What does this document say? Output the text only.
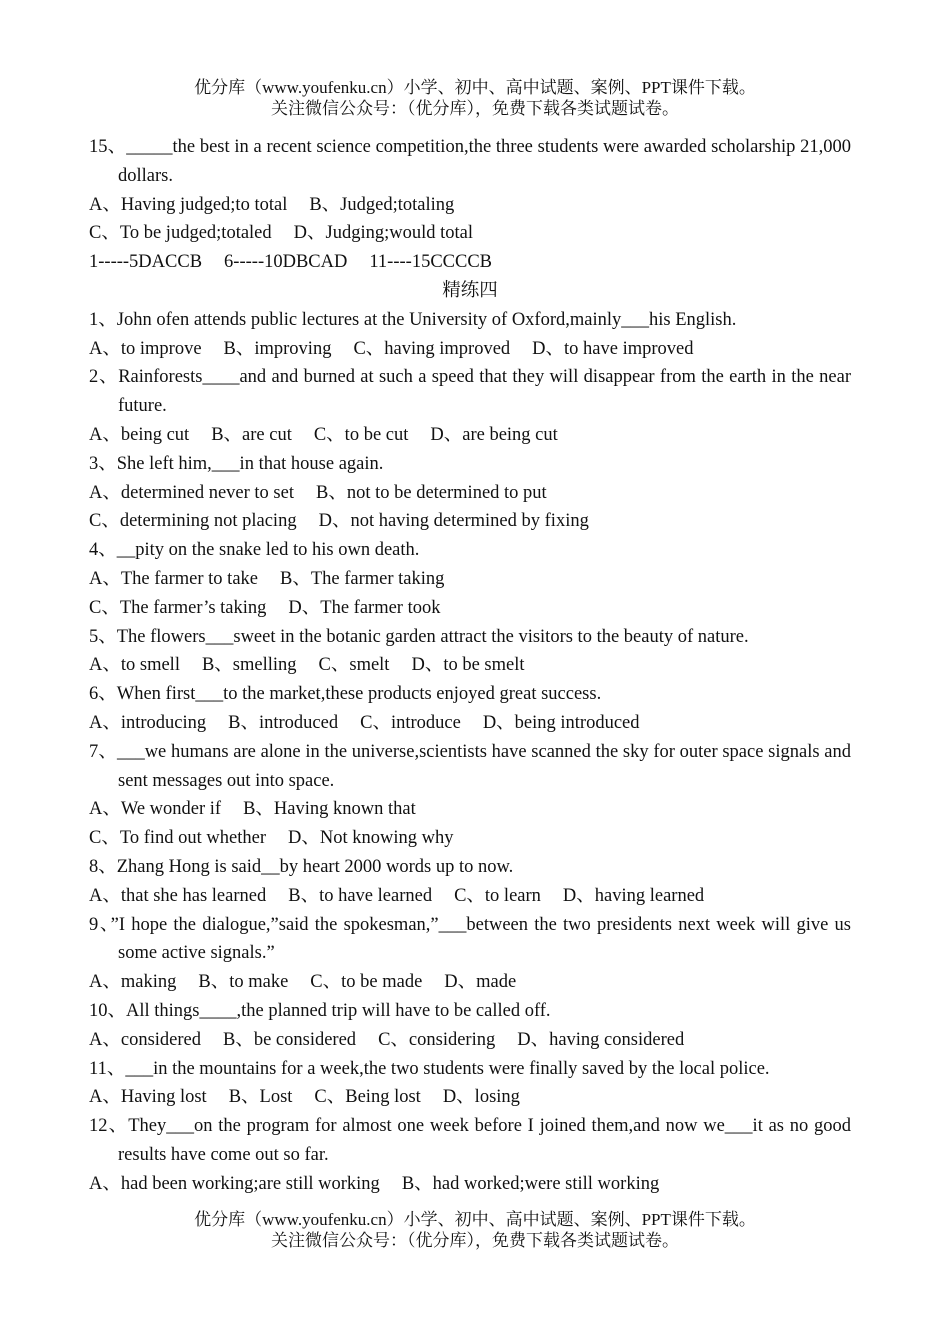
优分库（www.youfenku.cn）小学、初中、高中试题、案例、PPT课件下载。
关注微信公众号：（优分库），免费下载各类试题试卷。
15、_____the best in a recent science competition,the three students were awarded scholarship 21,000 dollars.
A、Having judged;to total B、Judged;totaling
C、To be judged;totaled D、Judging;would total
1-----5DACCB 6-----10DBCAD 11----15CCCCB
精练四
1、John ofen attends public lectures at the University of Oxford,mainly___his English.
A、to improve B、improving C、having improved D、to have improved
2、Rainforests____and and burned at such a speed that they will disappear from the earth in the near future.
A、being cut B、are cut C、to be cut D、are being cut
3、She left him,___in that house again.
A、determined never to set B、not to be determined to put
C、determining not placing D、not having determined by fixing
4、__pity on the snake led to his own death.
A、The farmer to take B、The farmer taking
C、The farmer’s taking D、The farmer took
5、The flowers___sweet in the botanic garden attract the visitors to the beauty of nature.
A、to smell B、smelling C、smelt D、to be smelt
6、When first___to the market,these products enjoyed great success.
A、introducing B、introduced C、introduce D、being introduced
7、___we humans are alone in the universe,scientists have scanned the sky for outer space signals and sent messages out into space.
A、We wonder if B、Having known that
C、To find out whether D、Not knowing why
8、Zhang Hong is said__by heart 2000 words up to now.
A、that she has learned B、to have learned C、to learn D、having learned
9、”I hope the dialogue,”said the spokesman,”___between the two presidents next week will give us some active signals.”
A、making B、to make C、to be made D、made
10、All things____,the planned trip will have to be called off.
A、considered B、be considered C、considering D、having considered
11、___in the mountains for a week,the two students were finally saved by the local police.
A、Having lost B、Lost C、Being lost D、losing
12、They___on the program for almost one week before I joined them,and now we___it as no good results have come out so far.
A、had been working;are still working B、had worked;were still working
优分库（www.youfenku.cn）小学、初中、高中试题、案例、PPT课件下载。
关注微信公众号：（优分库），免费下载各类试题试卷。
